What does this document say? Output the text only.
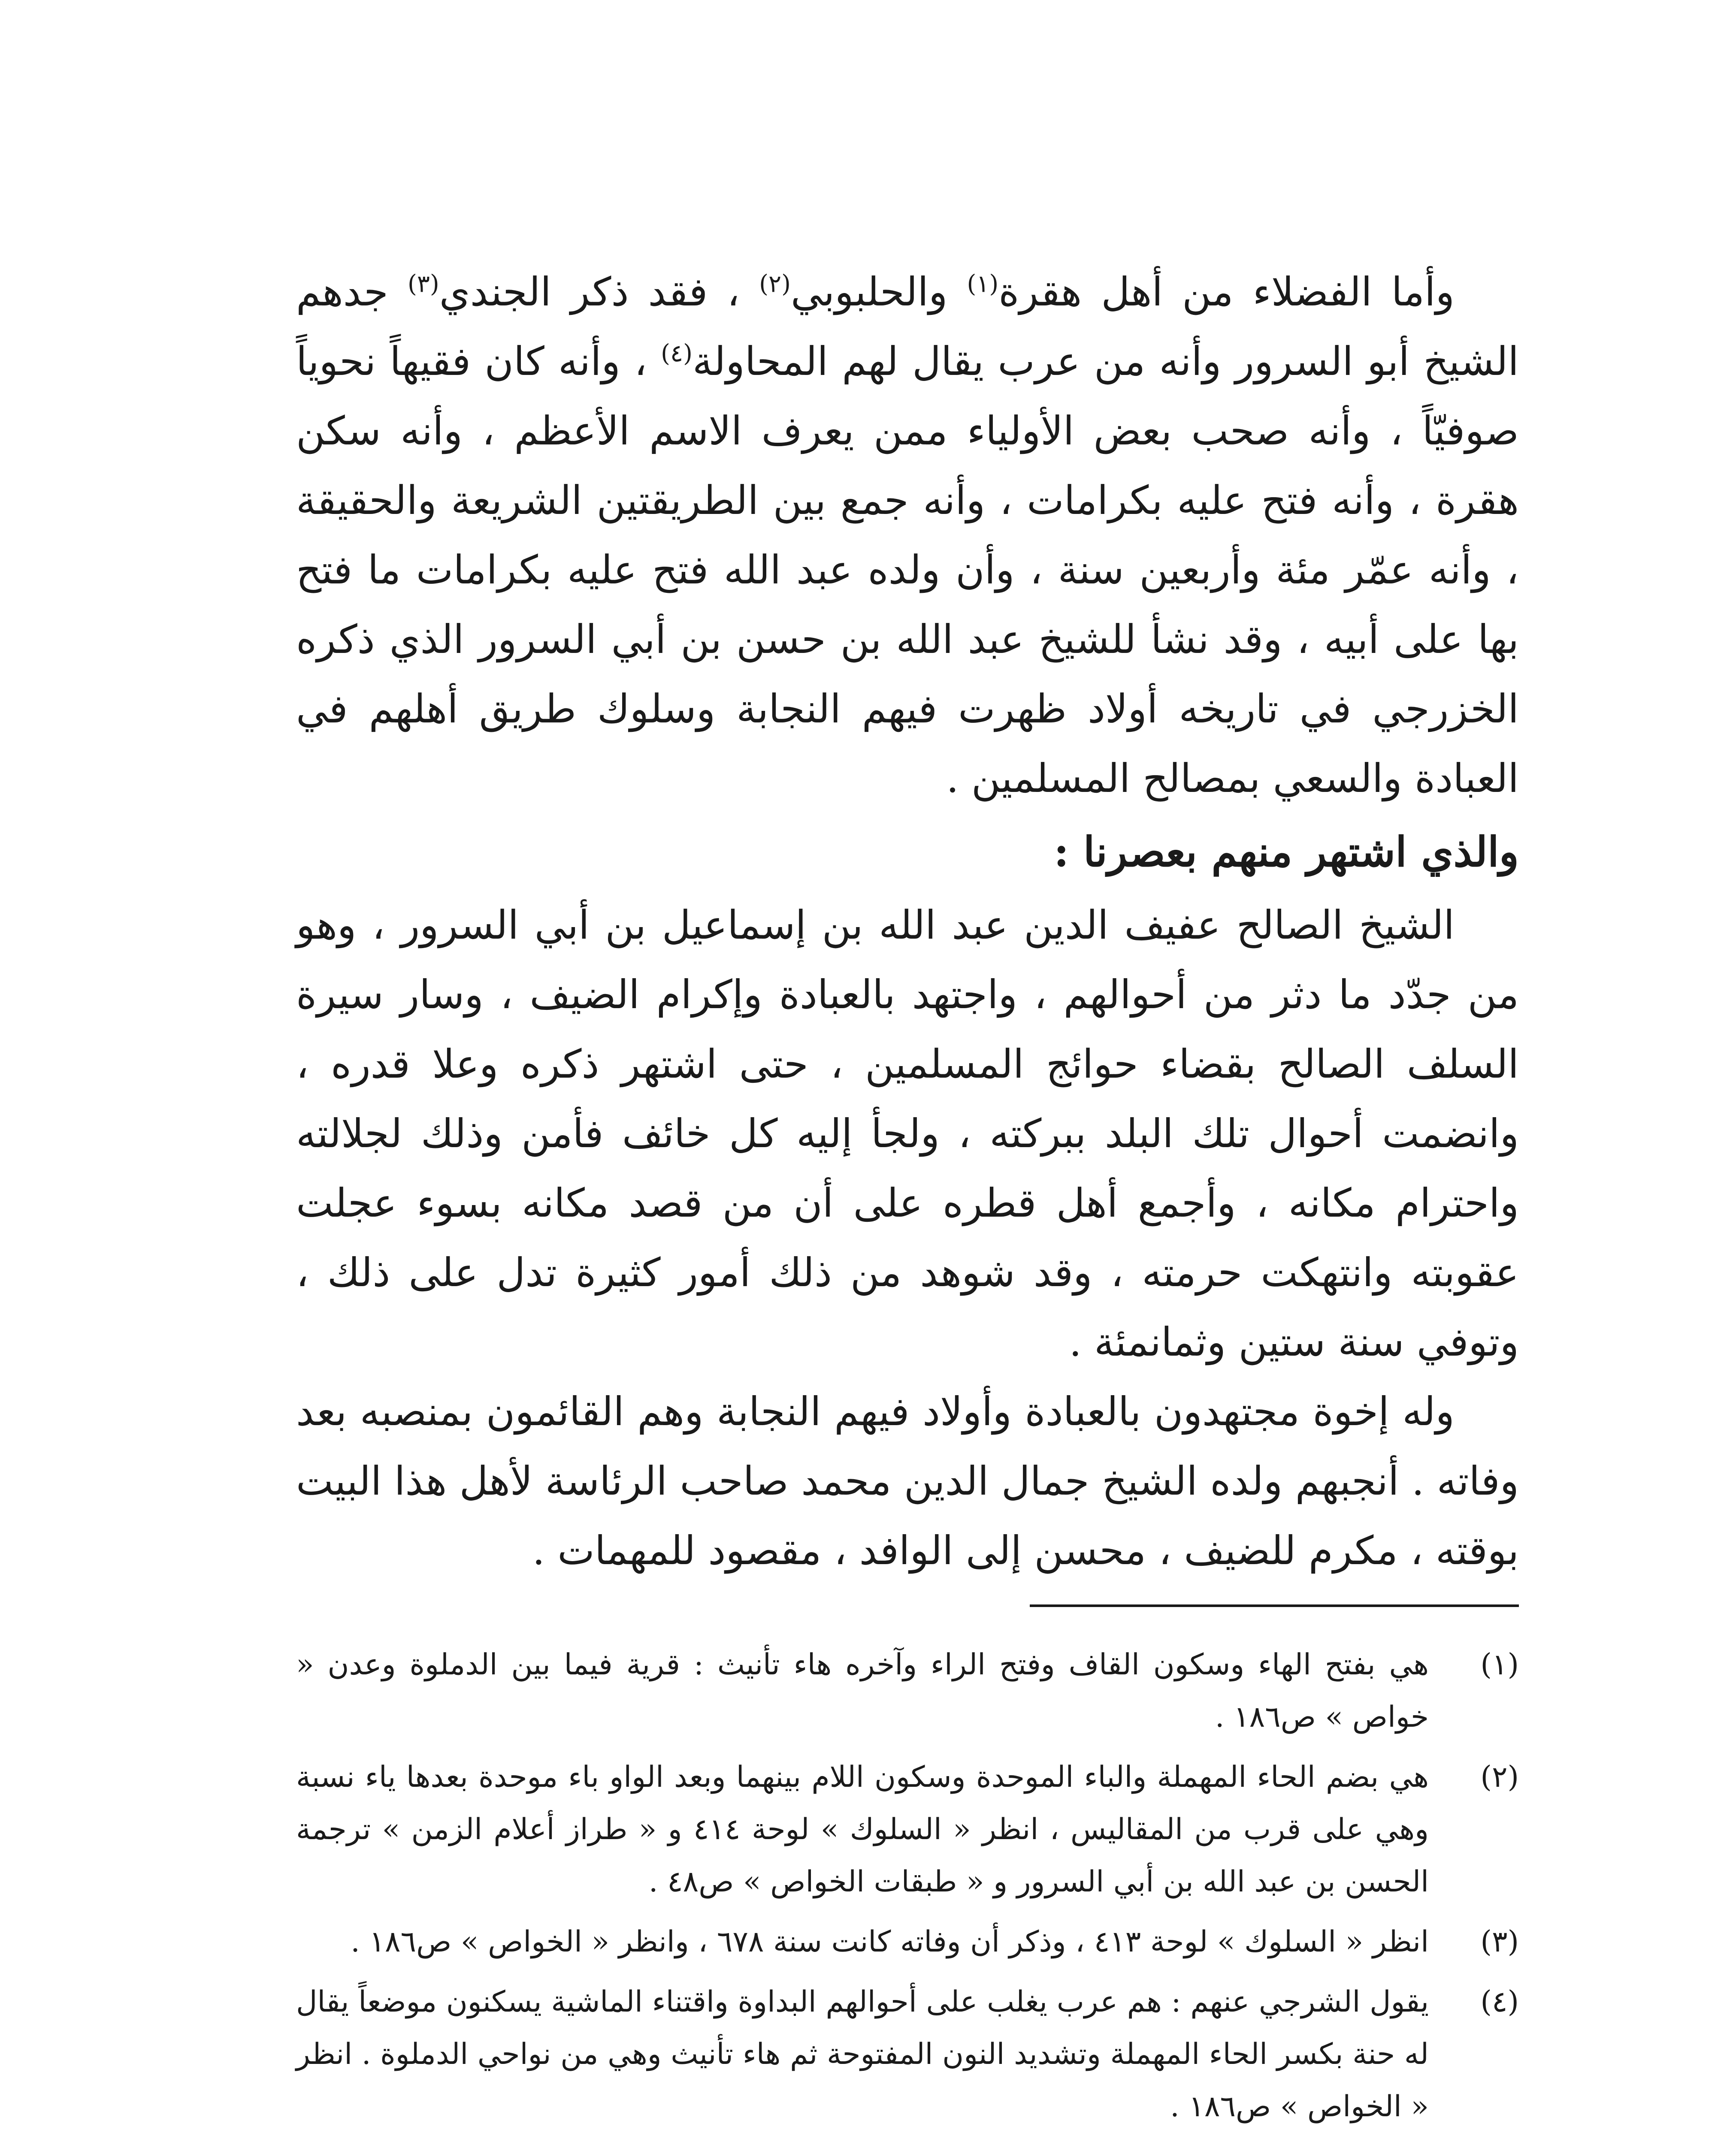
وأما الفضلاء من أهل هقرة$^{(١)}$ والحلبوبي$^{(٢)}$ ، فقد ذكر الجندي$^{(٣)}$ جدهم الشيخ أبو السرور وأنه من عرب يقال لهم المحاولة$^{(٤)}$ ، وأنه كان فقيهاً نحوياً صوفيّاً ، وأنه صحب بعض الأولياء ممن يعرف الاسم الأعظم ، وأنه سكن هقرة ، وأنه فتح عليه بكرامات ، وأنه جمع بين الطريقتين الشريعة والحقيقة ، وأنه عمّر مئة وأربعين سنة ، وأن ولده عبد الله فتح عليه بكرامات ما فتح بها على أبيه ، وقد نشأ للشيخ عبد الله بن حسن بن أبي السرور الذي ذكره الخزرجي في تاريخه أولاد ظهرت فيهم النجابة وسلوك طريق أهلهم في العبادة والسعي بمصالح المسلمين .

والذي اشتهر منهم بعصرنا :

الشيخ الصالح عفيف الدين عبد الله بن إسماعيل بن أبي السرور ، وهو من جدّد ما دثر من أحوالهم ، واجتهد بالعبادة وإكرام الضيف ، وسار سيرة السلف الصالح بقضاء حوائج المسلمين ، حتى اشتهر ذكره وعلا قدره ، وانضمت أحوال تلك البلد ببركته ، ولجأ إليه كل خائف فأمن وذلك لجلالته واحترام مكانه ، وأجمع أهل قطره على أن من قصد مكانه بسوء عجلت عقوبته وانتهكت حرمته ، وقد شوهد من ذلك أمور كثيرة تدل على ذلك ، وتوفي سنة ستين وثمانمئة .

وله إخوة مجتهدون بالعبادة وأولاد فيهم النجابة وهم القائمون بمنصبه بعد وفاته . أنجبهم ولده الشيخ جمال الدين محمد صاحب الرئاسة لأهل هذا البيت بوقته ، مكرم للضيف ، محسن إلى الوافد ، مقصود للمهمات .

(١)
هي بفتح الهاء وسكون القاف وفتح الراء وآخره هاء تأنيث : قرية فيما بين الدملوة وعدن « خواص » ص١٨٦ .
(٢)
هي بضم الحاء المهملة والباء الموحدة وسكون اللام بينهما وبعد الواو باء موحدة بعدها ياء نسبة وهي على قرب من المقاليس ، انظر « السلوك » لوحة ٤١٤ و « طراز أعلام الزمن » ترجمة الحسن بن عبد الله بن أبي السرور و « طبقات الخواص » ص٤٨ .
(٣)
انظر « السلوك » لوحة ٤١٣ ، وذكر أن وفاته كانت سنة ٦٧٨ ، وانظر « الخواص » ص١٨٦ .
(٤)
يقول الشرجي عنهم : هم عرب يغلب على أحوالهم البداوة واقتناء الماشية يسكنون موضعاً يقال له حنة بكسر الحاء المهملة وتشديد النون المفتوحة ثم هاء تأنيث وهي من نواحي الدملوة . انظر « الخواص » ص١٨٦ .
